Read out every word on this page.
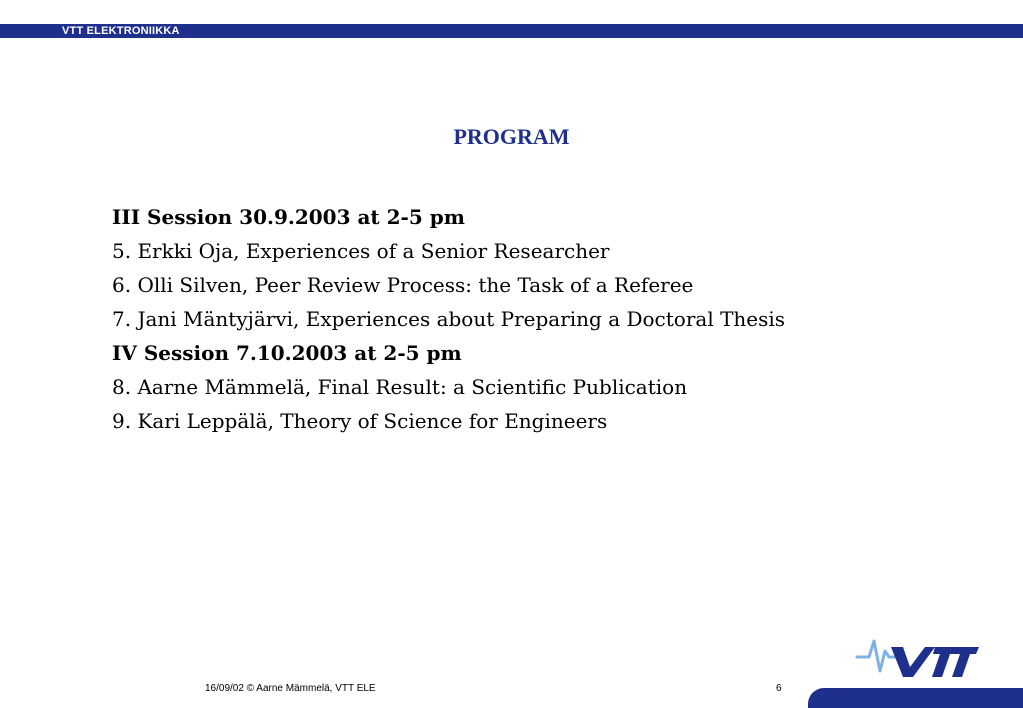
VTT ELEKTRONIIKKA
PROGRAM
III Session 30.9.2003 at 2-5 pm
5. Erkki Oja, Experiences of a Senior Researcher
6. Olli Silven, Peer Review Process: the Task of a Referee
7. Jani Mäntyjärvi, Experiences about Preparing a Doctoral Thesis
IV Session 7.10.2003 at 2-5 pm
8. Aarne Mämmelä, Final Result: a Scientific Publication
9. Kari Leppälä, Theory of Science for Engineers
16/09/02 © Aarne Mämmelä, VTT ELE	6
